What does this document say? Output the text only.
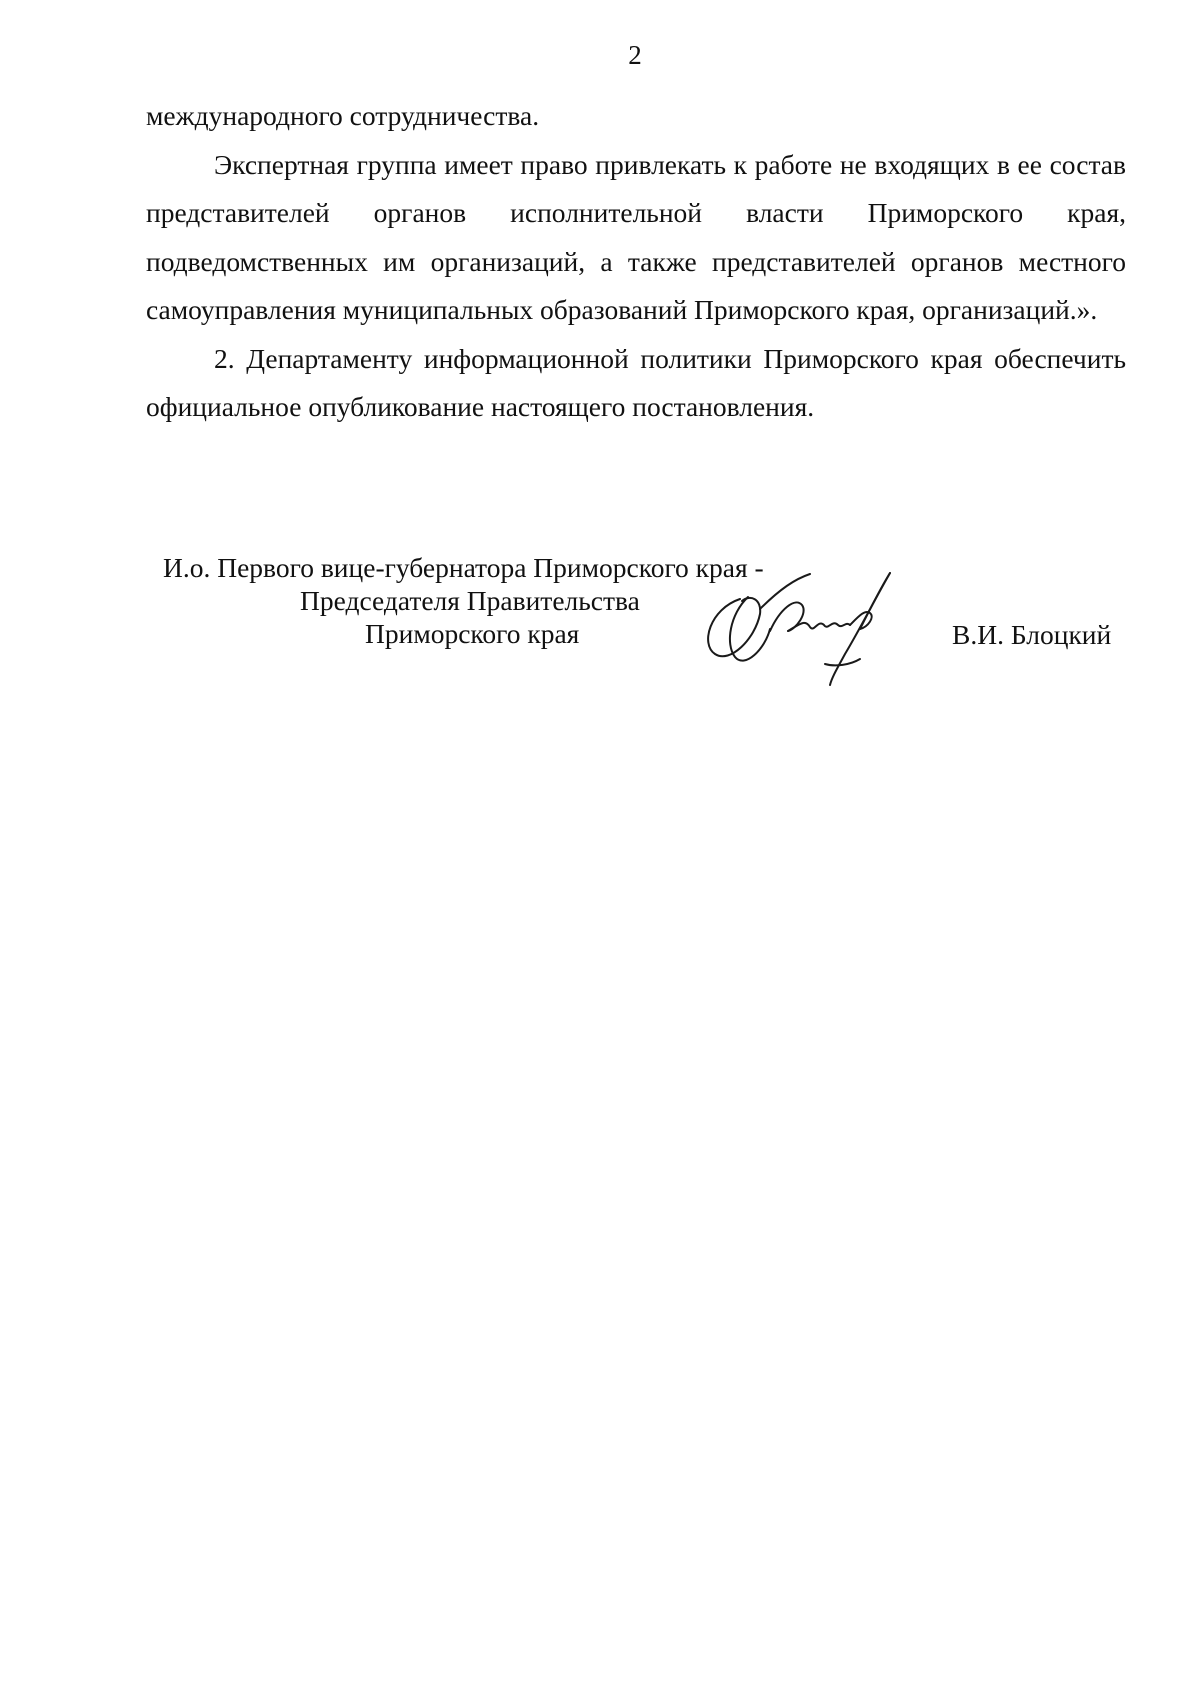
2

международного сотрудничества.

Экспертная группа имеет право привлекать к работе не входящих в ее состав представителей органов исполнительной власти Приморского края, подведомственных им организаций, а также представителей органов местного самоуправления муниципальных образований Приморского края, организаций.».

2. Департаменту информационной политики Приморского края обеспечить официальное опубликование настоящего постановления.

И.о. Первого вице-губернатора Приморского края -
Председателя Правительства
Приморского края	В.И. Блоцкий
